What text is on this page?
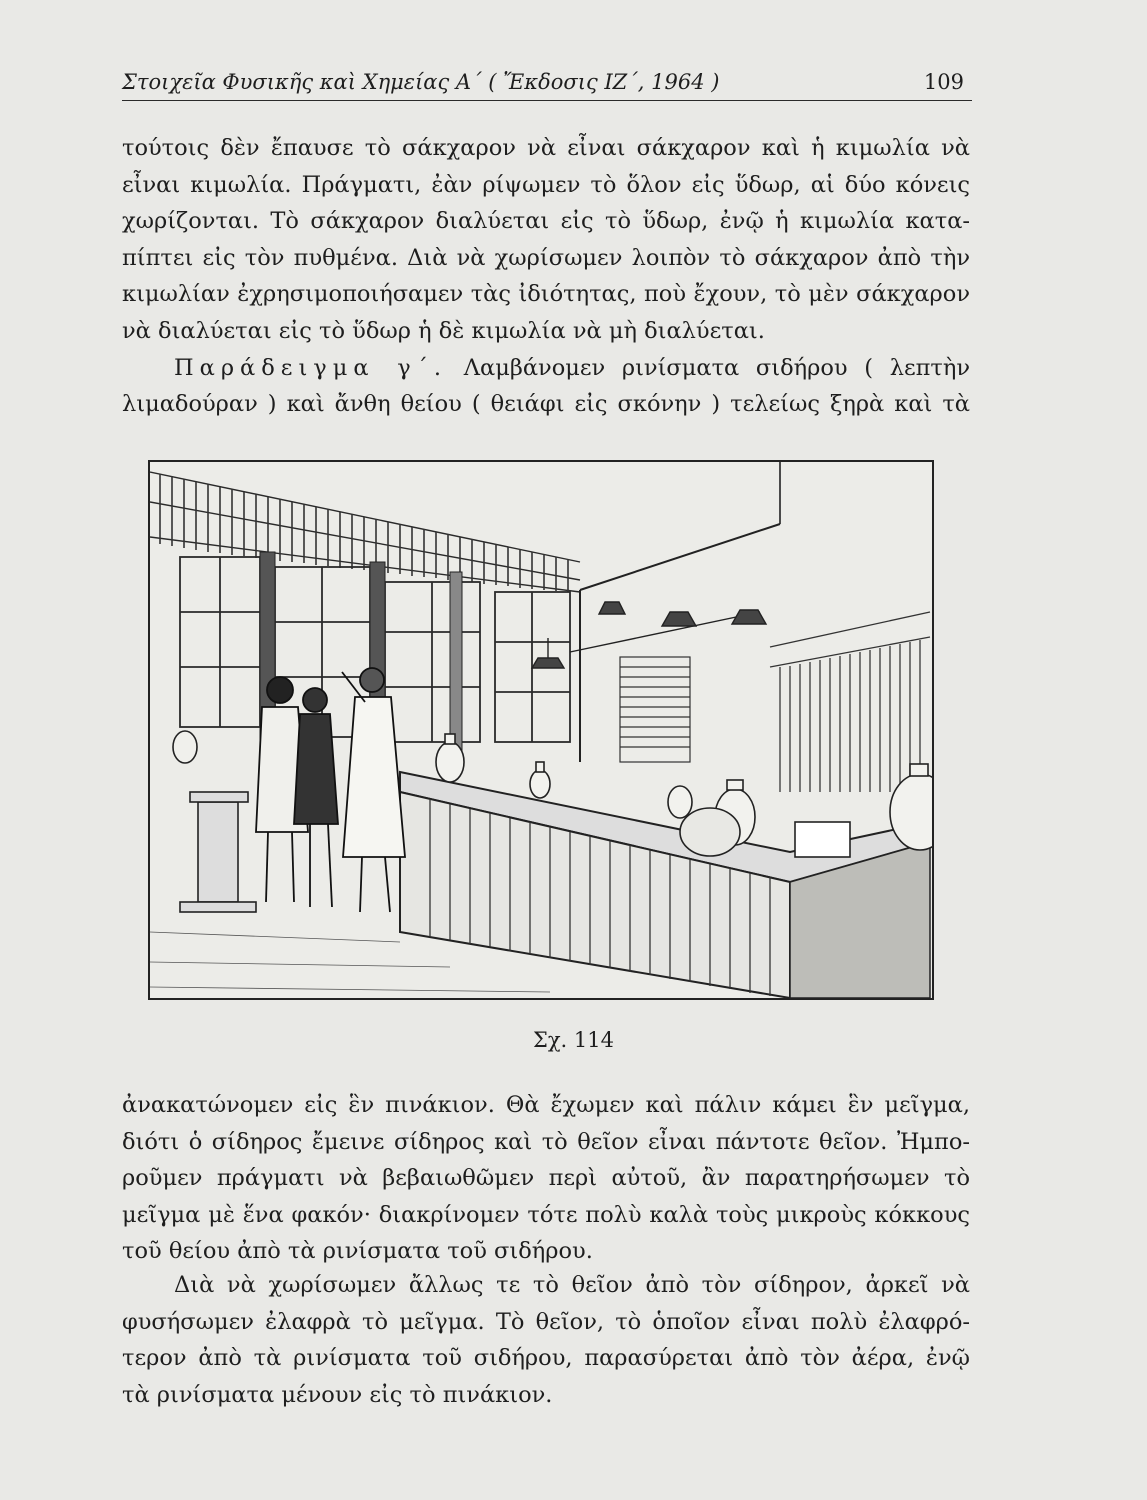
Στοιχεῖα Φυσικῆς καὶ Χημείας Α΄ ( Ἔκδοσις ΙΖ΄, 1964 )	109

τούτοις δὲν ἔπαυσε τὸ σάκχαρον νὰ εἶναι σάκχαρον καὶ ἡ κιμωλία νὰ
εἶναι κιμωλία. Πράγματι, ἐὰν ρίψωμεν τὸ ὅλον εἰς ὕδωρ, αἱ δύο κόνεις
χωρίζονται. Τὸ σάκχαρον διαλύεται εἰς τὸ ὕδωρ, ἐνῷ ἡ κιμωλία κατα-
πίπτει εἰς τὸν πυθμένα. Διὰ νὰ χωρίσωμεν λοιπὸν τὸ σάκχαρον ἀπὸ τὴν
κιμωλίαν ἐχρησιμοποιήσαμεν τὰς ἰδιότητας, ποὺ ἔχουν, τὸ μὲν σάκχαρον
νὰ διαλύεται εἰς τὸ ὕδωρ ἡ δὲ κιμωλία νὰ μὴ διαλύεται.
Παράδειγμα γ΄. Λαμβάνομεν ρινίσματα σιδήρου ( λεπτὴν
λιμαδούραν ) καὶ ἄνθη θείου ( θειάφι εἰς σκόνην ) τελείως ξηρὰ καὶ τὰ

Σχ. 114

ἀνακατώνομεν εἰς ἓν πινάκιον. Θὰ ἔχωμεν καὶ πάλιν κάμει ἓν μεῖγμα,
διότι ὁ σίδηρος ἔμεινε σίδηρος καὶ τὸ θεῖον εἶναι πάντοτε θεῖον. Ἠμπο-
ροῦμεν πράγματι νὰ βεβαιωθῶμεν περὶ αὐτοῦ, ἂν παρατηρήσωμεν τὸ
μεῖγμα μὲ ἕνα φακόν· διακρίνομεν τότε πολὺ καλὰ τοὺς μικροὺς κόκκους
τοῦ θείου ἀπὸ τὰ ρινίσματα τοῦ σιδήρου.

Διὰ νὰ χωρίσωμεν ἄλλως τε τὸ θεῖον ἀπὸ τὸν σίδηρον, ἀρκεῖ νὰ
φυσήσωμεν ἐλαφρὰ τὸ μεῖγμα. Τὸ θεῖον, τὸ ὁποῖον εἶναι πολὺ ἐλαφρό-
τερον ἀπὸ τὰ ρινίσματα τοῦ σιδήρου, παρασύρεται ἀπὸ τὸν ἀέρα, ἐνῷ
τὰ ρινίσματα μένουν εἰς τὸ πινάκιον.
